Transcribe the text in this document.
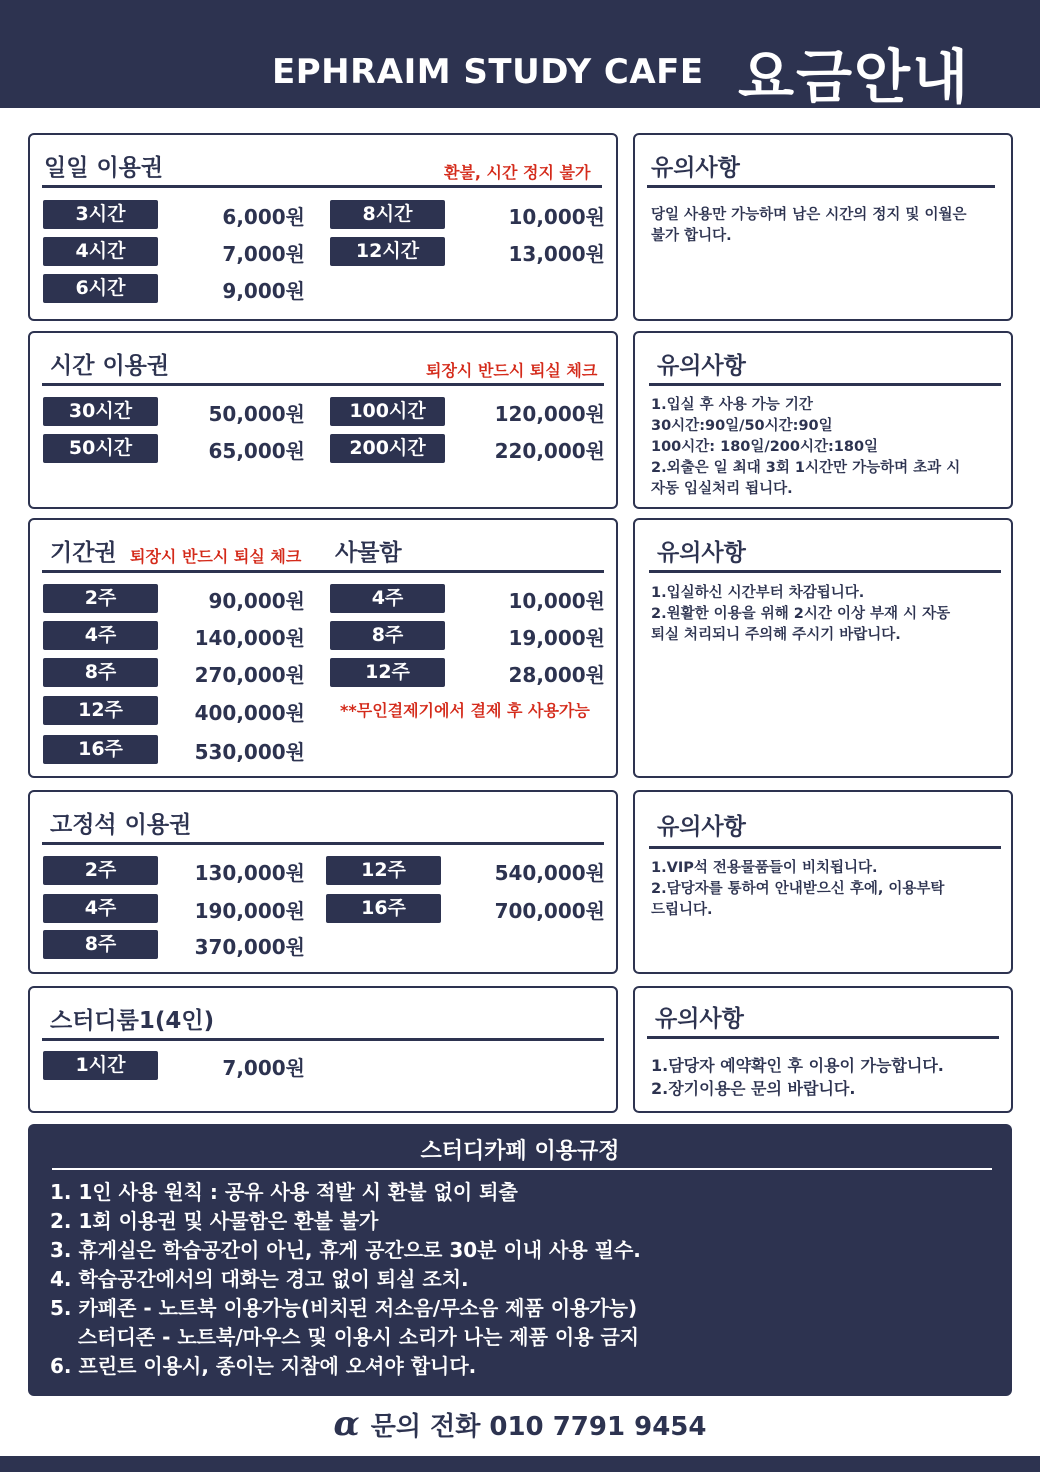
EPHRAIM STUDY CAFE 요금안내
일일 이용권	환불, 시간 정지 불가
3시간	6,000원
4시간	7,000원
6시간	9,000원
8시간	10,000원
12시간	13,000원
시간 이용권	퇴장시 반드시 퇴실 체크
30시간	50,000원
50시간	65,000원
100시간	120,000원
200시간	220,000원
기간권 퇴장시 반드시 퇴실 체크 사물함
2주	90,000원
4주	140,000원
8주	270,000원
12주	400,000원
16주	530,000원
4주	10,000원
8주	19,000원
12주	28,000원
**무인결제기에서 결제 후 사용가능
고정석 이용권
2주	130,000원
4주	190,000원
8주	370,000원
12주	540,000원
16주	700,000원
스터디룸1(4인)
1시간	7,000원
유의사항
당일 사용만 가능하며 남은 시간의 정지 및 이월은
불가 합니다.
유의사항
1.입실 후 사용 가능 기간
30시간:90일/50시간:90일
100시간: 180일/200시간:180일
2.외출은 일 최대 3회 1시간만 가능하며 초과 시
자동 입실처리 됩니다.
유의사항
1.입실하신 시간부터 차감됩니다.
2.원활한 이용을 위해 2시간 이상 부재 시 자동
퇴실 처리되니 주의해 주시기 바랍니다.
유의사항
1.VIP석 전용물품들이 비치됩니다.
2.담당자를 통하여 안내받으신 후에, 이용부탁
드립니다.
유의사항
1.담당자 예약확인 후 이용이 가능합니다.
2.장기이용은 문의 바랍니다.
스터디카페 이용규정
1. 1인 사용 원칙 : 공유 사용 적발 시 환불 없이 퇴출
2. 1회 이용권 및 사물함은 환불 불가
3. 휴게실은 학습공간이 아닌, 휴게 공간으로 30분 이내 사용 필수.
4. 학습공간에서의 대화는 경고 없이 퇴실 조치.
5. 카페존 - 노트북 이용가능(비치된 저소음/무소음 제품 이용가능)
스터디존 - 노트북/마우스 및 이용시 소리가 나는 제품 이용 금지
6. 프린트 이용시, 종이는 지참에 오셔야 합니다.
α 문의 전화 010 7791 9454
